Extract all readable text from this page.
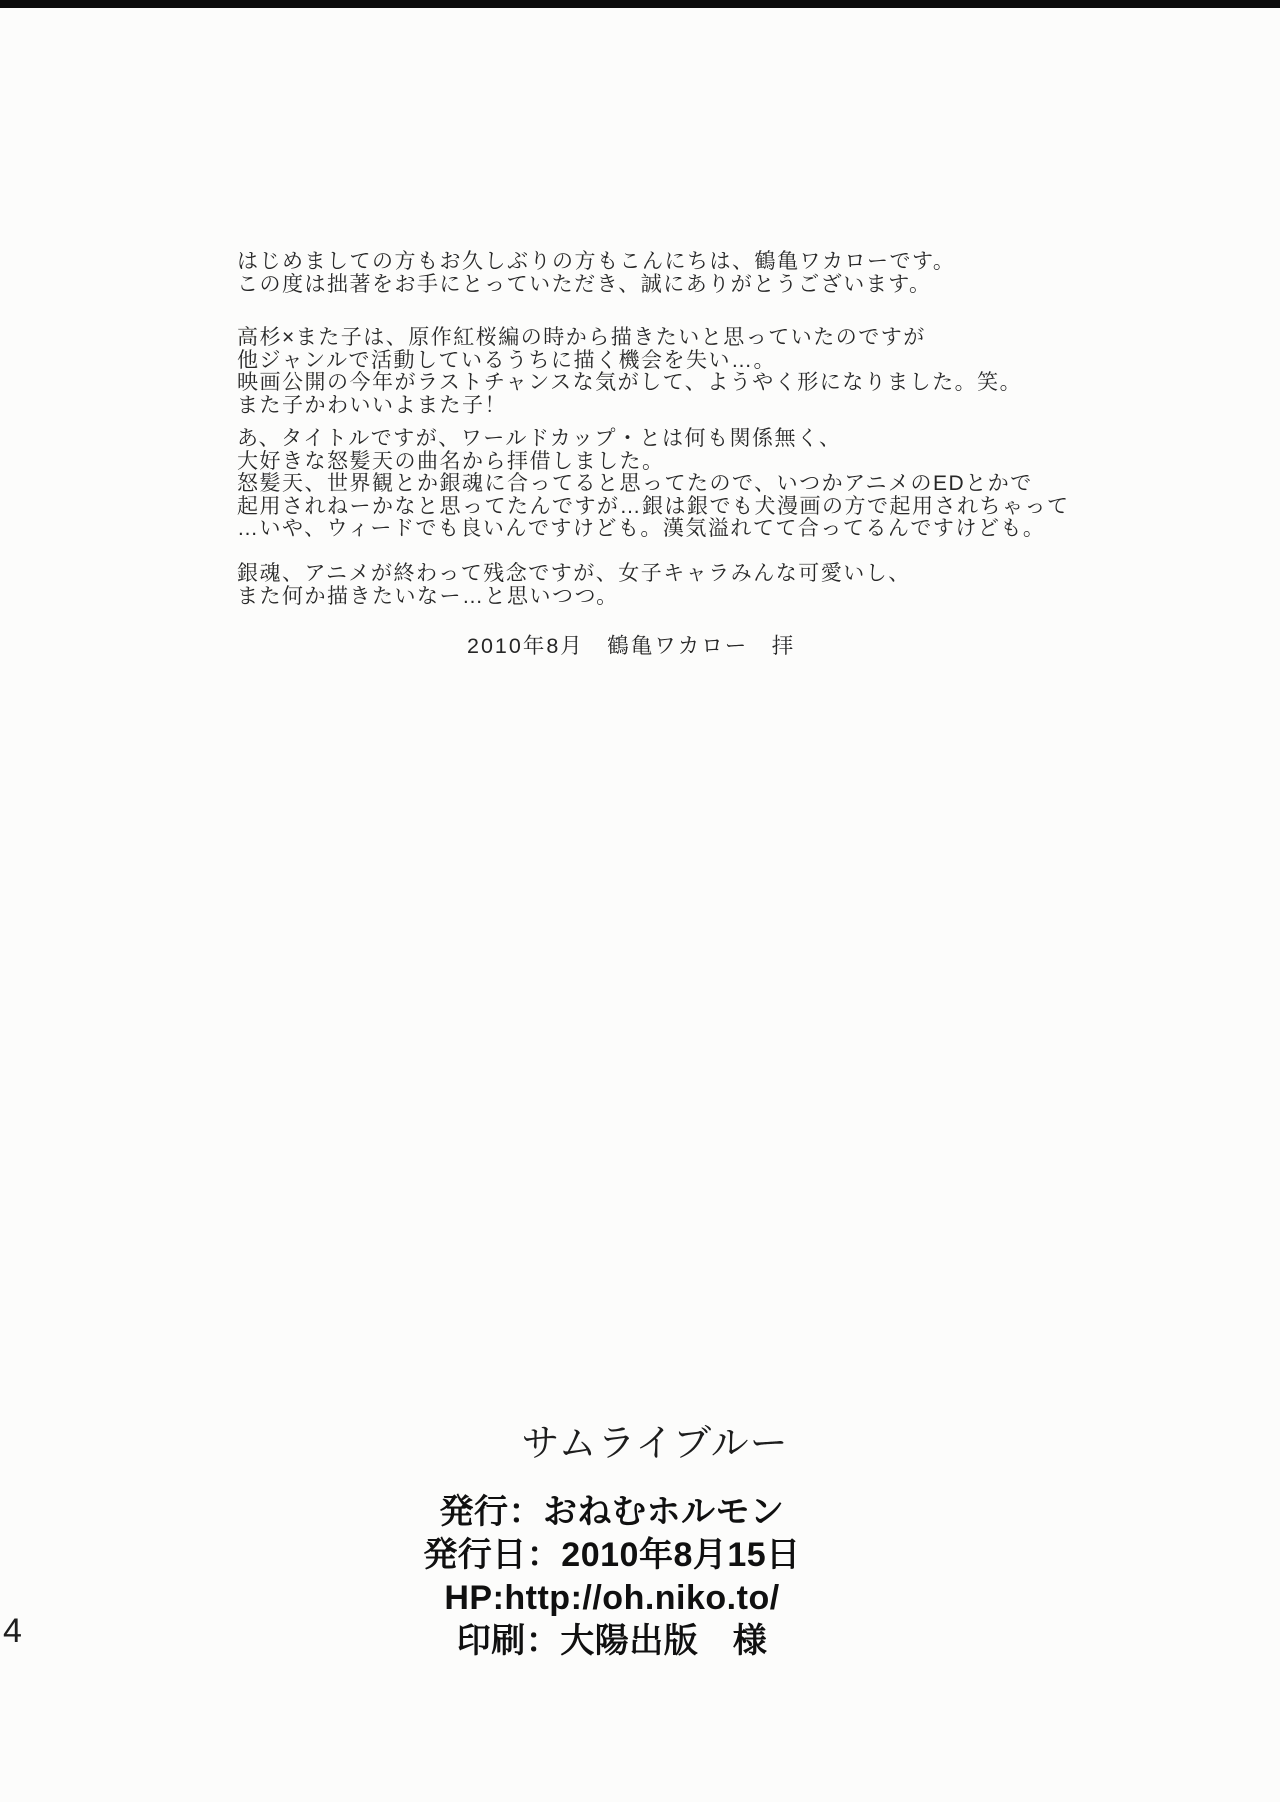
はじめましての方もお久しぶりの方もこんにちは、鶴亀ワカローです。
この度は拙著をお手にとっていただき、誠にありがとうございます。
高杉×また子は、原作紅桜編の時から描きたいと思っていたのですが
他ジャンルで活動しているうちに描く機会を失い…。
映画公開の今年がラストチャンスな気がして、ようやく形になりました。笑。
また子かわいいよまた子！
あ、タイトルですが、ワールドカップ・とは何も関係無く、
大好きな怒髪天の曲名から拝借しました。
怒髪天、世界観とか銀魂に合ってると思ってたので、いつかアニメのEDとかで
起用されねーかなと思ってたんですが…銀は銀でも犬漫画の方で起用されちゃって
…いや、ウィードでも良いんですけども。漢気溢れてて合ってるんですけども。
銀魂、アニメが終わって残念ですが、女子キャラみんな可愛いし、
また何か描きたいなー…と思いつつ。
2010年8月　鶴亀ワカロー　拝
サムライブルー
発行：おねむホルモン
発行日：2010年8月15日
HP:http://oh.niko.to/
印刷：大陽出版　様
4
